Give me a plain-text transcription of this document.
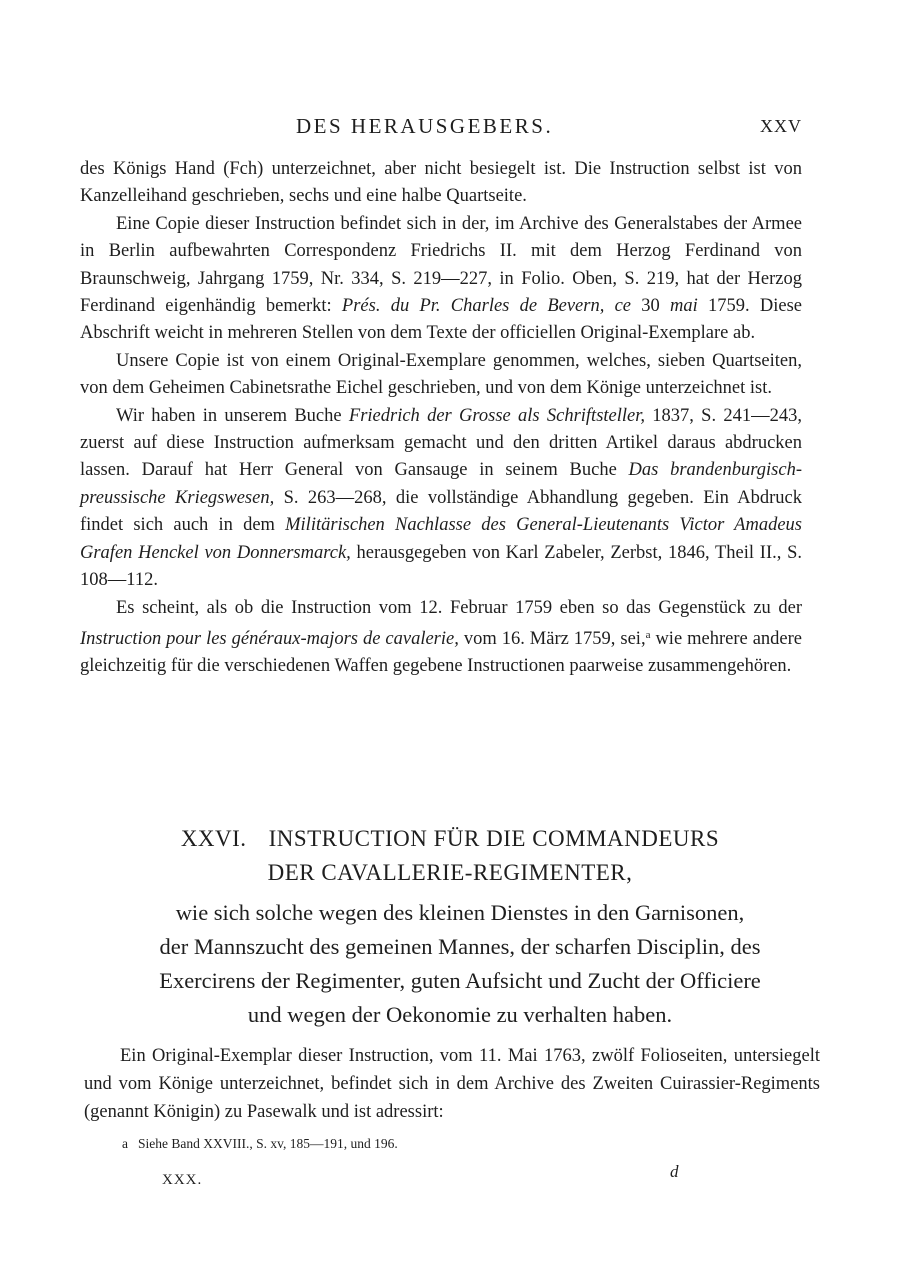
DES HERAUSGEBERS.	XXV

des Königs Hand (Fch) unterzeichnet, aber nicht besiegelt ist. Die Instruction selbst ist von Kanzelleihand geschrieben, sechs und eine halbe Quartseite.

Eine Copie dieser Instruction befindet sich in der, im Archive des Generalstabes der Armee in Berlin aufbewahrten Correspondenz Friedrichs II. mit dem Herzog Ferdinand von Braunschweig, Jahrgang 1759, Nr. 334, S. 219—227, in Folio. Oben, S. 219, hat der Herzog Ferdinand eigenhändig bemerkt: Prés. du Pr. Charles de Bevern, ce 30 mai 1759. Diese Abschrift weicht in mehreren Stellen von dem Texte der officiellen Original-Exemplare ab.

Unsere Copie ist von einem Original-Exemplare genommen, welches, sieben Quartseiten, von dem Geheimen Cabinetsrathe Eichel geschrieben, und von dem Könige unterzeichnet ist.

Wir haben in unserem Buche Friedrich der Grosse als Schriftsteller, 1837, S. 241—243, zuerst auf diese Instruction aufmerksam gemacht und den dritten Artikel daraus abdrucken lassen. Darauf hat Herr General von Gansauge in seinem Buche Das brandenburgisch-preussische Kriegswesen, S. 263—268, die vollständige Abhandlung gegeben. Ein Abdruck findet sich auch in dem Militärischen Nachlasse des General-Lieutenants Victor Amadeus Grafen Henckel von Donnersmarck, herausgegeben von Karl Zabeler, Zerbst, 1846, Theil II., S. 108—112.

Es scheint, als ob die Instruction vom 12. Februar 1759 eben so das Gegenstück zu der Instruction pour les généraux-majors de cavalerie, vom 16. März 1759, sei,$^a$ wie mehrere andere gleichzeitig für die verschiedenen Waffen gegebene Instructionen paarweise zusammengehören.

XXVI. INSTRUCTION FÜR DIE COMMANDEURS

DER CAVALLERIE-REGIMENTER,

wie sich solche wegen des kleinen Dienstes in den Garnisonen,

der Mannszucht des gemeinen Mannes, der scharfen Disciplin, des

Exercirens der Regimenter, guten Aufsicht und Zucht der Officiere

und wegen der Oekonomie zu verhalten haben.

Ein Original-Exemplar dieser Instruction, vom 11. Mai 1763, zwölf Folioseiten, untersiegelt und vom Könige unterzeichnet, befindet sich in dem Archive des Zweiten Cuirassier-Regiments (genannt Königin) zu Pasewalk und ist adressirt:

a Siehe Band XXVIII., S. xv, 185—191, und 196.
XXX.	d
